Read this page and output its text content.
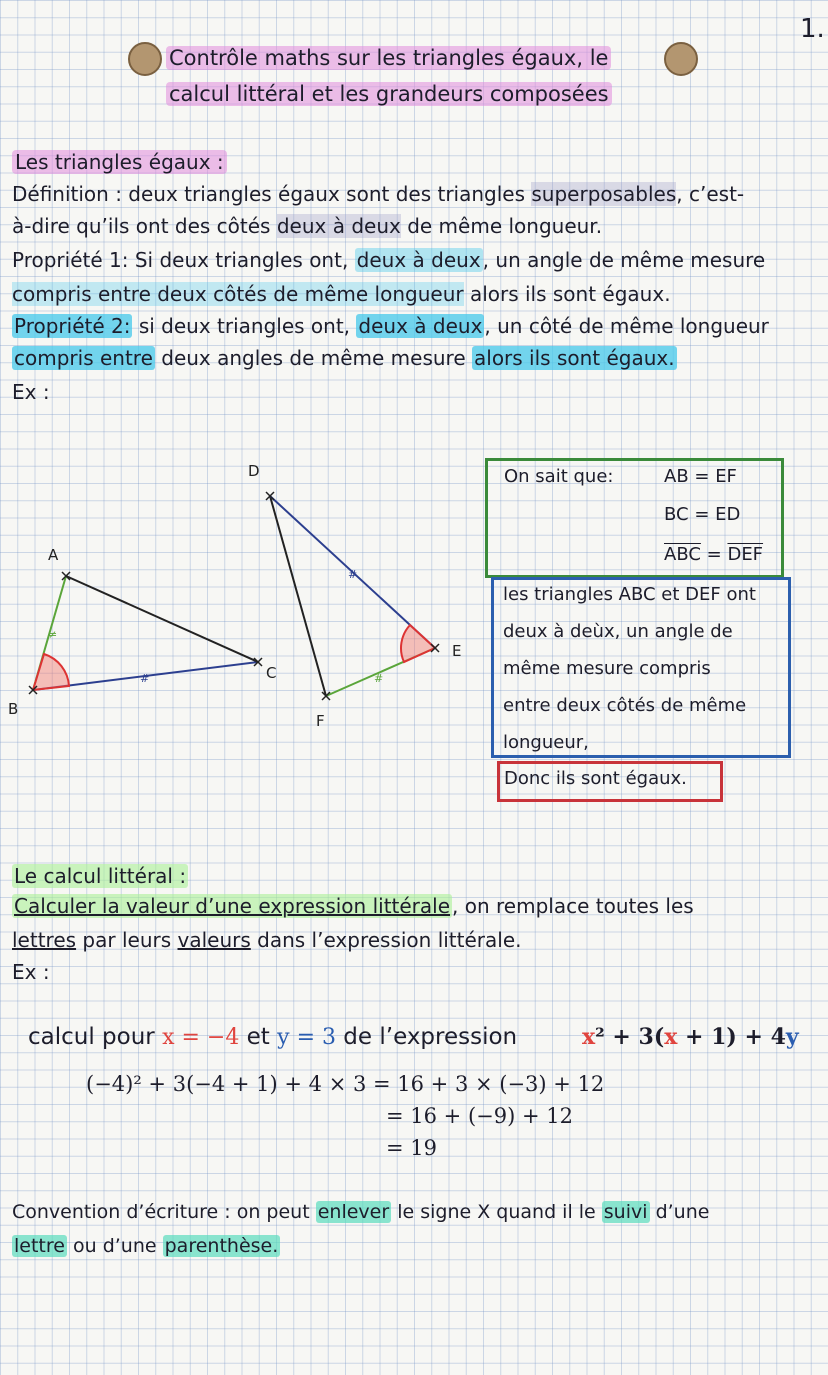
1.
Contrôle maths sur les triangles égaux, le
calcul littéral et les grandeurs composées
Les triangles égaux :
Définition : deux triangles égaux sont des triangles superposables, c’est-
à-dire qu’ils ont des côtés deux à deux de même longueur.
Propriété 1: Si deux triangles ont, deux à deux , un angle de même mesure
compris entre deux côtés de même longueur alors ils sont égaux.
Propriété 2: si deux triangles ont, deux à deux , un côté de même longueur
compris entre deux angles de même mesure alors ils sont égaux.
Ex :
≠
#
#
#
A
B
C
D
E
F
On sait que:	AB = EF
BC = ED
$\overline{ABC} = \overline{DEF}$
les triangles ABC et DEF ont
deux à deùx, un angle de
même mesure compris
entre deux côtés de même
longueur,
Donc ils sont égaux.
Le calcul littéral :
Calculer la valeur d’une expression littérale , on remplace toutes les
lettres par leurs valeurs dans l’expression littérale.
Ex :
calcul pour x = −4 et y = 3 de l’expression	x² + 3(x + 1) + 4y
(−4)² + 3(−4 + 1) + 4 × 3 = 16 + 3 × (−3) + 12
= 16 + (−9) + 12
= 19
Convention d’écriture : on peut enlever le signe X quand il le suivi d’une
lettre ou d’une parenthèse.
